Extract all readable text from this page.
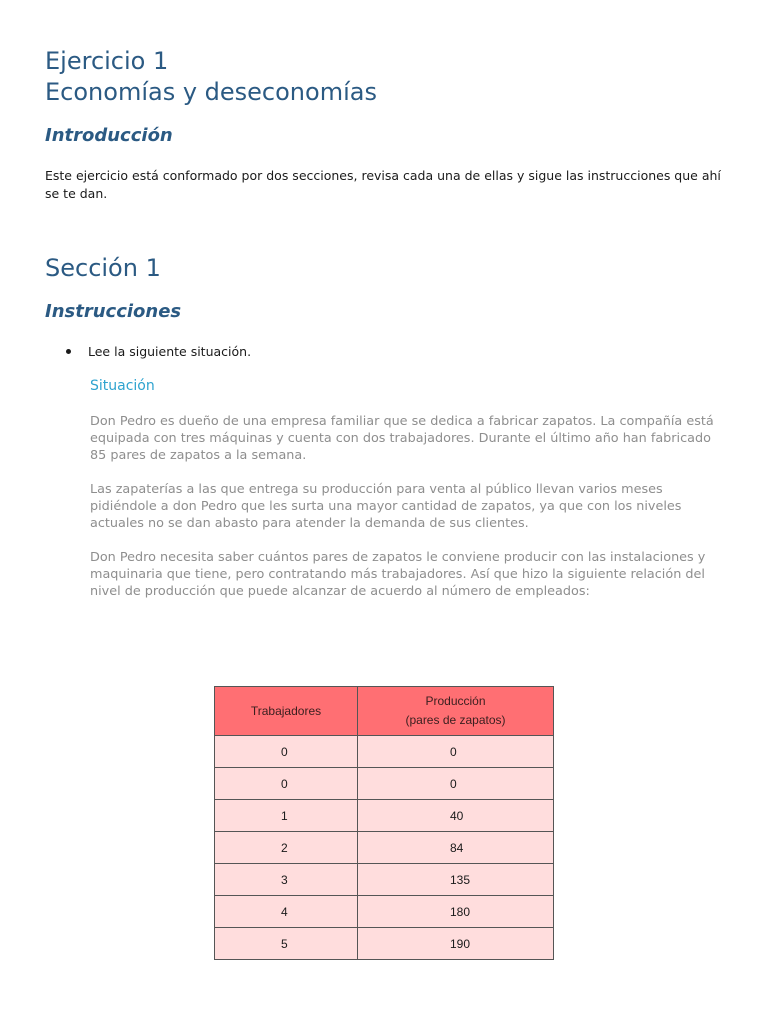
Ejercicio 1
Economías y deseconomías
Introducción
Este ejercicio está conformado por dos secciones, revisa cada una de ellas y sigue las instrucciones que ahí se te dan.
Sección 1
Instrucciones
Lee la siguiente situación.
Situación
Don Pedro es dueño de una empresa familiar que se dedica a fabricar zapatos. La compañía está equipada con tres máquinas y cuenta con dos trabajadores. Durante el último año han fabricado 85 pares de zapatos a la semana.
Las zapaterías a las que entrega su producción para venta al público llevan varios meses pidiéndole a don Pedro que les surta una mayor cantidad de zapatos, ya que con los niveles actuales no se dan abasto para atender la demanda de sus clientes.
Don Pedro necesita saber cuántos pares de zapatos le conviene producir con las instalaciones y maquinaria que tiene, pero contratando más trabajadores. Así que hizo la siguiente relación del nivel de producción que puede alcanzar de acuerdo al número de empleados:
Trabajadores	Producción
(pares de zapatos)

0	0
0	0
1	40
2	84
3	135
4	180
5	190
